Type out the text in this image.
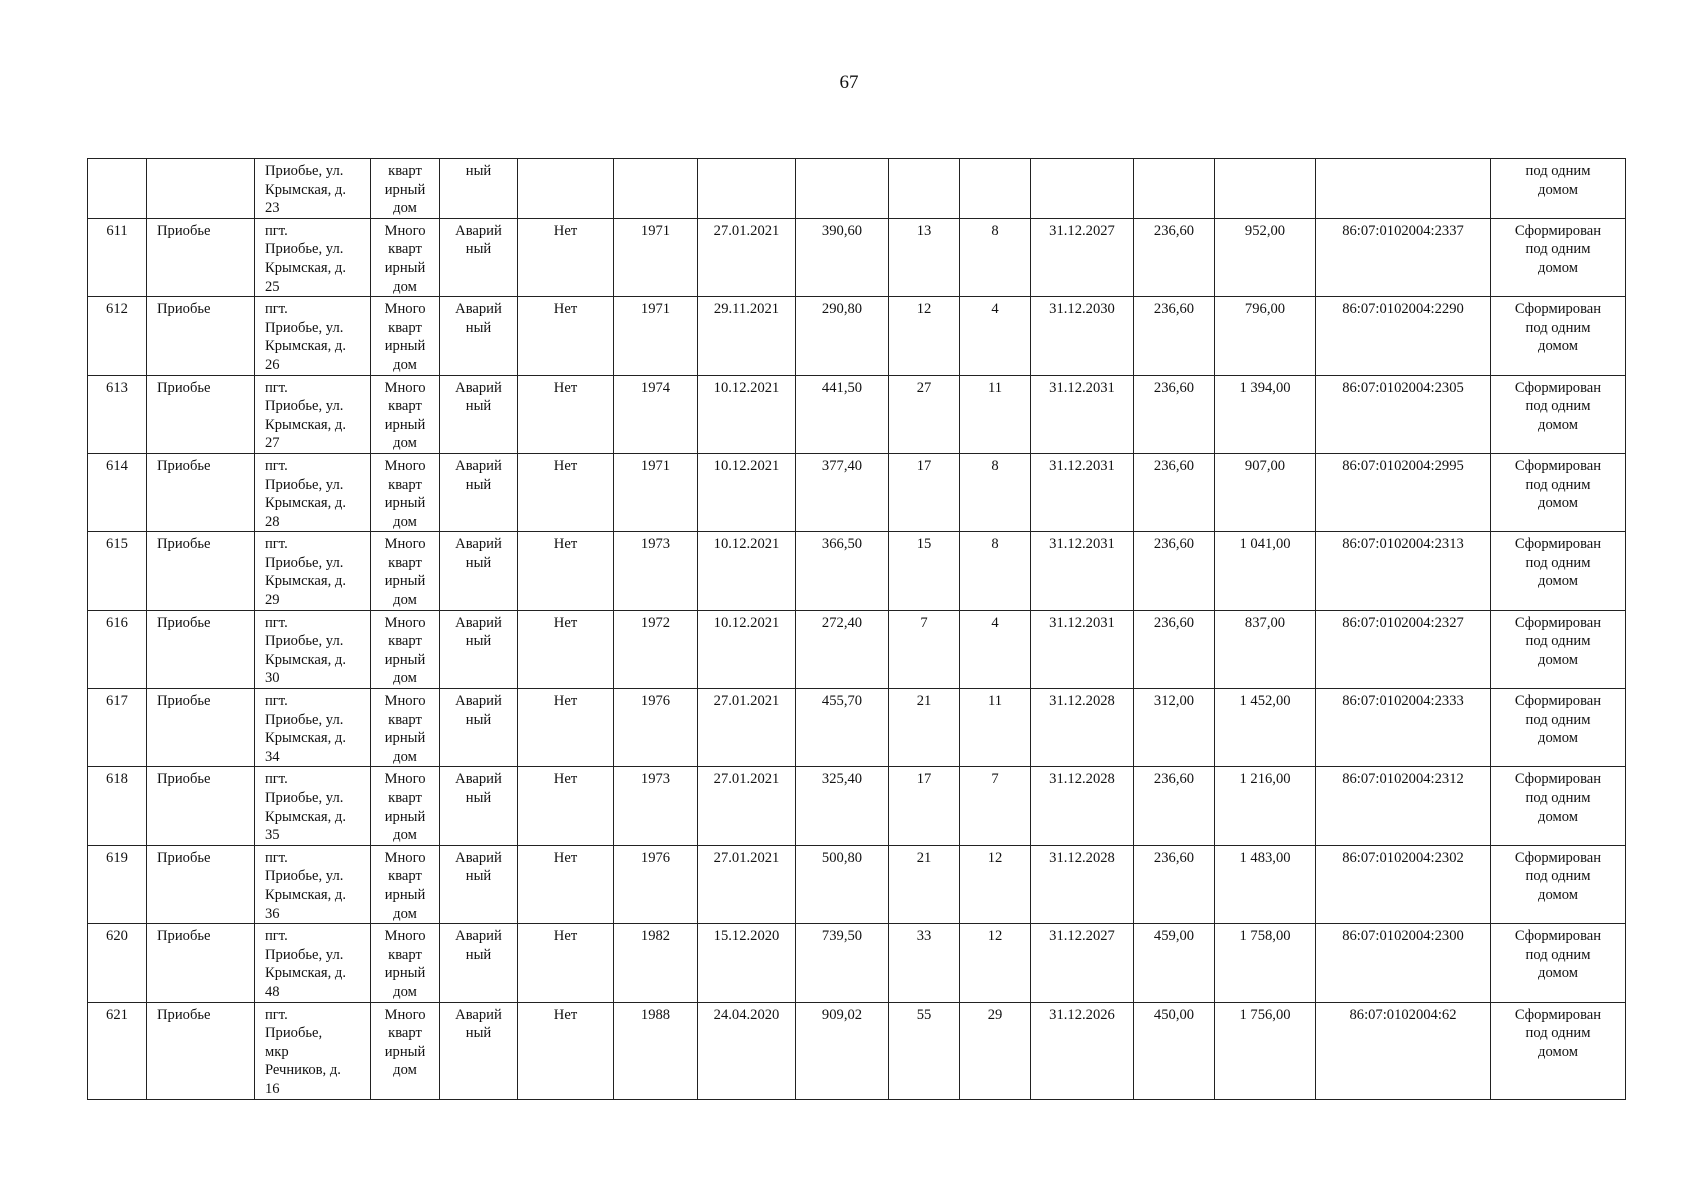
67
		Приобье, ул.
Крымская, д.
23	кварт
ирный
дом	ный											под одним
домом
611	Приобье	пгт.
Приобье, ул.
Крымская, д.
25	Много
кварт
ирный
дом	Аварий
ный	Нет	1971	27.01.2021	390,60	13	8	31.12.2027	236,60	952,00	86:07:0102004:2337	Сформирован
под одним
домом
612	Приобье	пгт.
Приобье, ул.
Крымская, д.
26	Много
кварт
ирный
дом	Аварий
ный	Нет	1971	29.11.2021	290,80	12	4	31.12.2030	236,60	796,00	86:07:0102004:2290	Сформирован
под одним
домом
613	Приобье	пгт.
Приобье, ул.
Крымская, д.
27	Много
кварт
ирный
дом	Аварий
ный	Нет	1974	10.12.2021	441,50	27	11	31.12.2031	236,60	1 394,00	86:07:0102004:2305	Сформирован
под одним
домом
614	Приобье	пгт.
Приобье, ул.
Крымская, д.
28	Много
кварт
ирный
дом	Аварий
ный	Нет	1971	10.12.2021	377,40	17	8	31.12.2031	236,60	907,00	86:07:0102004:2995	Сформирован
под одним
домом
615	Приобье	пгт.
Приобье, ул.
Крымская, д.
29	Много
кварт
ирный
дом	Аварий
ный	Нет	1973	10.12.2021	366,50	15	8	31.12.2031	236,60	1 041,00	86:07:0102004:2313	Сформирован
под одним
домом
616	Приобье	пгт.
Приобье, ул.
Крымская, д.
30	Много
кварт
ирный
дом	Аварий
ный	Нет	1972	10.12.2021	272,40	7	4	31.12.2031	236,60	837,00	86:07:0102004:2327	Сформирован
под одним
домом
617	Приобье	пгт.
Приобье, ул.
Крымская, д.
34	Много
кварт
ирный
дом	Аварий
ный	Нет	1976	27.01.2021	455,70	21	11	31.12.2028	312,00	1 452,00	86:07:0102004:2333	Сформирован
под одним
домом
618	Приобье	пгт.
Приобье, ул.
Крымская, д.
35	Много
кварт
ирный
дом	Аварий
ный	Нет	1973	27.01.2021	325,40	17	7	31.12.2028	236,60	1 216,00	86:07:0102004:2312	Сформирован
под одним
домом
619	Приобье	пгт.
Приобье, ул.
Крымская, д.
36	Много
кварт
ирный
дом	Аварий
ный	Нет	1976	27.01.2021	500,80	21	12	31.12.2028	236,60	1 483,00	86:07:0102004:2302	Сформирован
под одним
домом
620	Приобье	пгт.
Приобье, ул.
Крымская, д.
48	Много
кварт
ирный
дом	Аварий
ный	Нет	1982	15.12.2020	739,50	33	12	31.12.2027	459,00	1 758,00	86:07:0102004:2300	Сформирован
под одним
домом
621	Приобье	пгт.
Приобье,
мкр
Речников, д.
16	Много
кварт
ирный
дом	Аварий
ный	Нет	1988	24.04.2020	909,02	55	29	31.12.2026	450,00	1 756,00	86:07:0102004:62	Сформирован
под одним
домом
